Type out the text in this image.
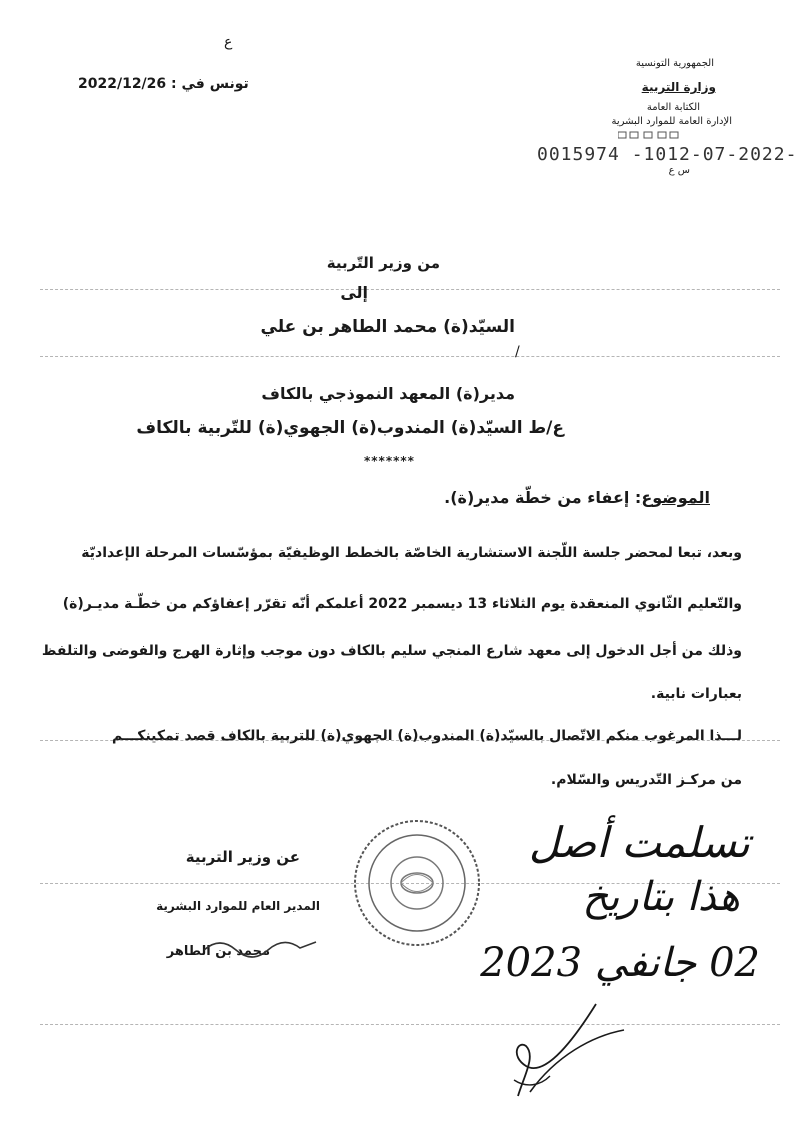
الجمهورية التونسية
وزارة التربية
الكتابة العامة
الإدارة العامة للموارد البشرية
0015974 -1012-07-2022-
س ع
ع
تونس في : 2022/12/26
من وزير التّربية
إلى
السيّد(ة) محمد الطاهر بن علي
/
مدير(ة) المعهد النموذجي بالكاف
ع/ط السيّد(ة) المندوب(ة) الجهوي(ة) للتّربية بالكاف
*******
الموضوع: إعفاء من خطّة مدير(ة).
وبعد، تبعا لمحضر جلسة اللّجنة الاستشارية الخاصّة بالخطط الوظيفيّة بمؤسّسات المرحلة الإعداديّة
والتّعليم الثّانوي المنعقدة يوم الثلاثاء 13 ديسمبر 2022 أعلمكم أنّه تقرّر إعفاؤكم من خطّـة مديـر(ة)
وذلك من أجل الدخول إلى معهد شارع المنجي سليم بالكاف دون موجب وإثارة الهرج والفوضى والتلفظ
بعبارات نابية.
لـــذا المرغوب منكم الاتّصال بالسيّد(ة) المندوب(ة) الجهوي(ة) للتربية بالكاف قصد تمكينكـــم
من مركـز التّدريس والسّلام.
عن وزير التربية
المدير العام للموارد البشرية
محمد بن الطاهر
تسلمت أصل
هذا بتاريخ
02 جانفي 2023
